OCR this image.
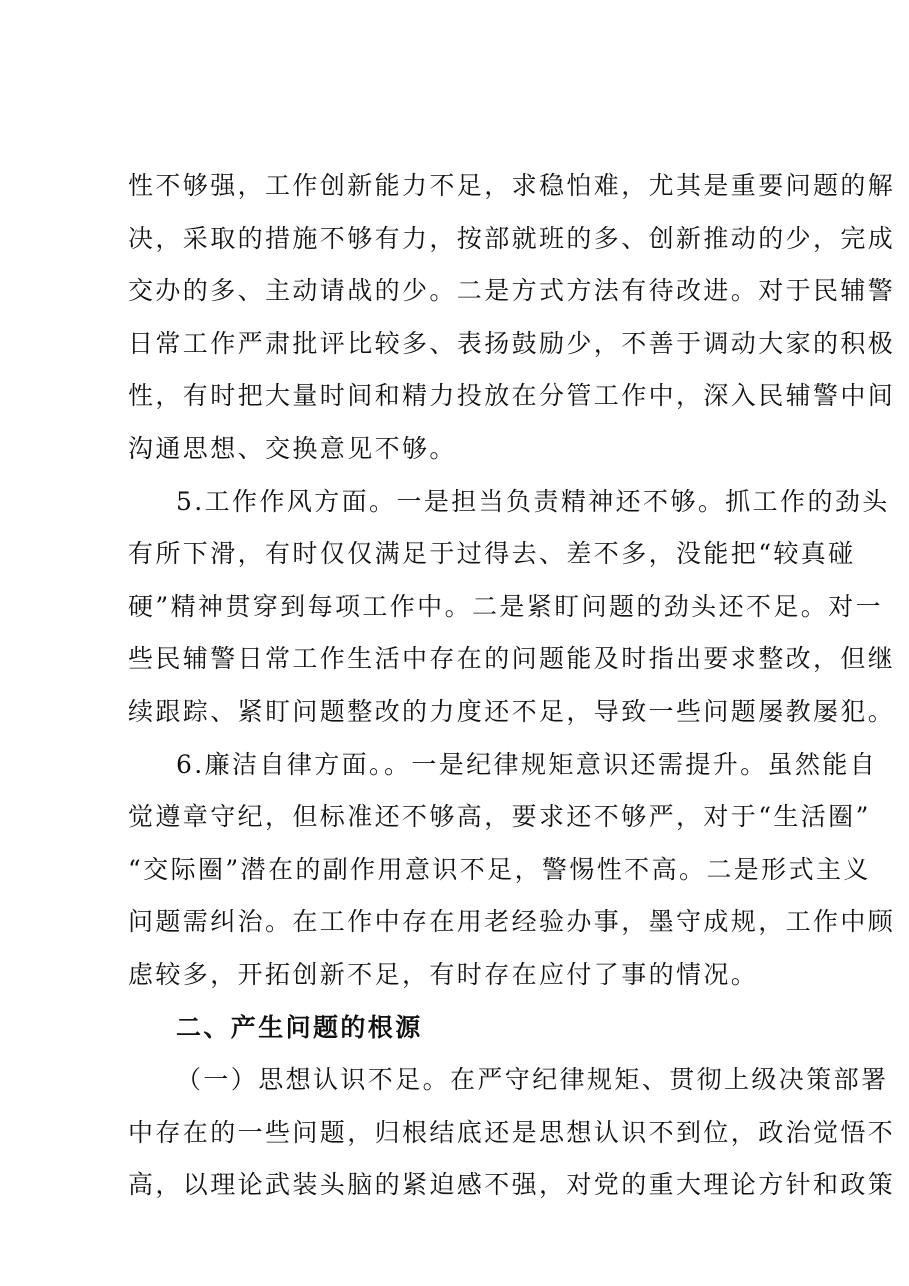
性不够强，工作创新能力不足，求稳怕难，尤其是重要问题的解
决，采取的措施不够有力，按部就班的多、创新推动的少，完成
交办的多、主动请战的少。二是方式方法有待改进。对于民辅警
日常工作严肃批评比较多、表扬鼓励少，不善于调动大家的积极
性，有时把大量时间和精力投放在分管工作中，深入民辅警中间
沟通思想、交换意见不够。
5.工作作风方面。一是担当负责精神还不够。抓工作的劲头
有所下滑，有时仅仅满足于过得去、差不多，没能把“较真碰
硬”精神贯穿到每项工作中。二是紧盯问题的劲头还不足。对一
些民辅警日常工作生活中存在的问题能及时指出要求整改，但继
续跟踪、紧盯问题整改的力度还不足，导致一些问题屡教屡犯。
6.廉洁自律方面。。一是纪律规矩意识还需提升。虽然能自
觉遵章守纪，但标准还不够高，要求还不够严，对于“生活圈”
“交际圈”潜在的副作用意识不足，警惕性不高。二是形式主义
问题需纠治。在工作中存在用老经验办事，墨守成规，工作中顾
虑较多，开拓创新不足，有时存在应付了事的情况。
二、产生问题的根源
（一）思想认识不足。在严守纪律规矩、贯彻上级决策部署
中存在的一些问题，归根结底还是思想认识不到位，政治觉悟不
高，以理论武装头脑的紧迫感不强，对党的重大理论方针和政策
